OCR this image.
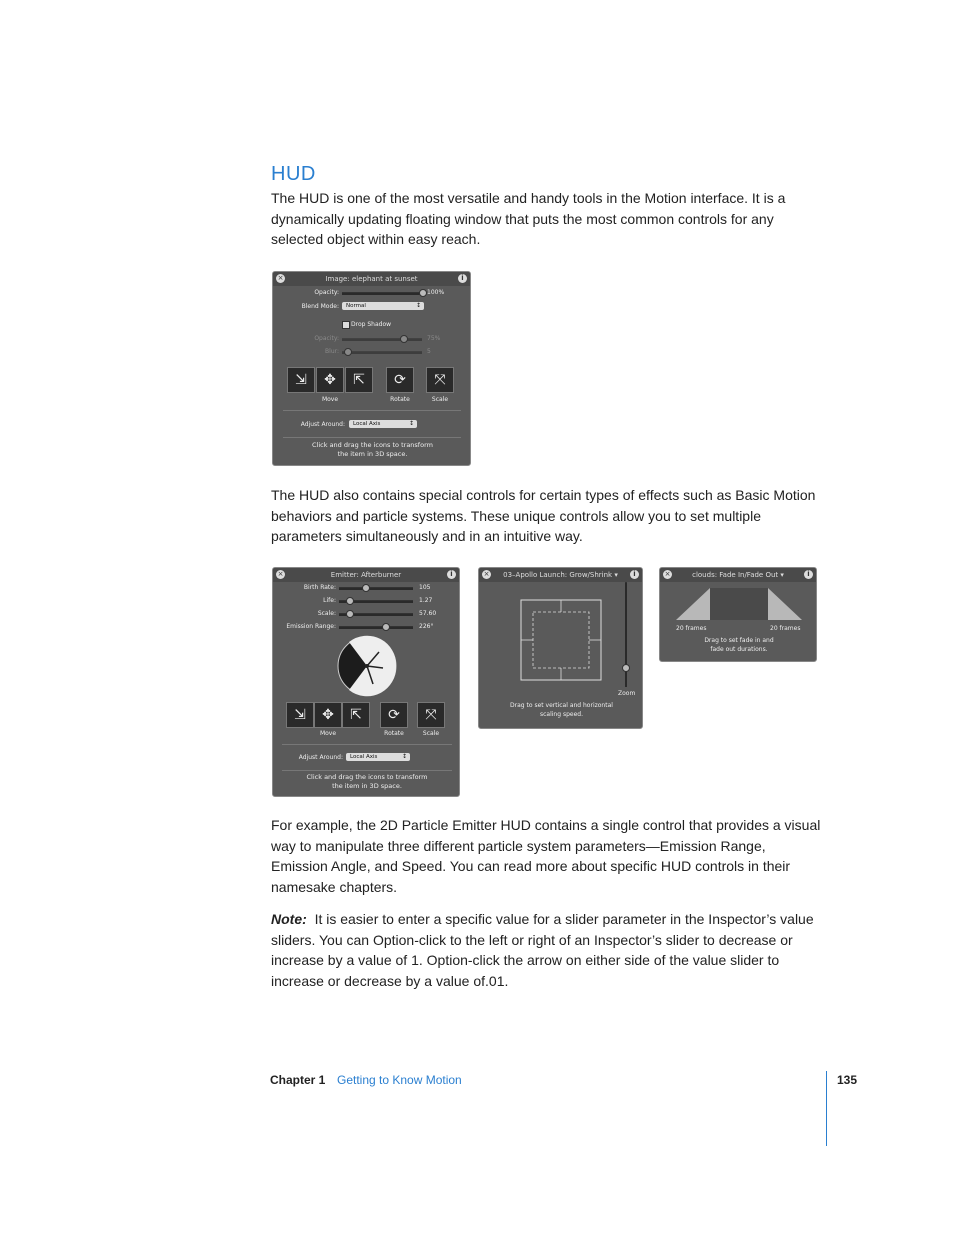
HUD

The HUD is one of the most versatile and handy tools in the Motion interface. It is a dynamically updating floating window that puts the most common controls for any selected object within easy reach.

Image: elephant at sunset
×	i
Opacity:	100%
Blend Mode:	Normal ↕
Drop Shadow
Opacity:	75%
Blur:	5
⇲	✥	⇱	⟳	⤧
Move	Rotate	Scale
Adjust Around:	Local Axis ↕
Click and drag the icons to transform
the item in 3D space.

The HUD also contains special controls for certain types of effects such as Basic Motion behaviors and particle systems. These unique controls allow you to set multiple parameters simultaneously and in an intuitive way.

Emitter: Afterburner
×	i
Birth Rate:	105
Life:	1.27
Scale:	57.60
Emission Range:	226°
⇲	✥	⇱	⟳	⤧
Move	Rotate	Scale
Adjust Around:	Local Axis ↕
Click and drag the icons to transform
the item in 3D space.
03–Apollo Launch: Grow/Shrink ▾
×	i
Zoom
Drag to set vertical and horizontal
scaling speed.
clouds: Fade In/Fade Out ▾
×	i
20 frames	20 frames
Drag to set fade in and
fade out durations.

For example, the 2D Particle Emitter HUD contains a single control that provides a visual way to manipulate three different particle system parameters—Emission Range, Emission Angle, and Speed. You can read more about specific HUD controls in their namesake chapters.

Note: It is easier to enter a specific value for a slider parameter in the Inspector’s value sliders. You can Option-click to the left or right of an Inspector’s slider to decrease or increase by a value of 1. Option-click the arrow on either side of the value slider to increase or decrease by a value of.01.

Chapter 1 Getting to Know Motion	135
